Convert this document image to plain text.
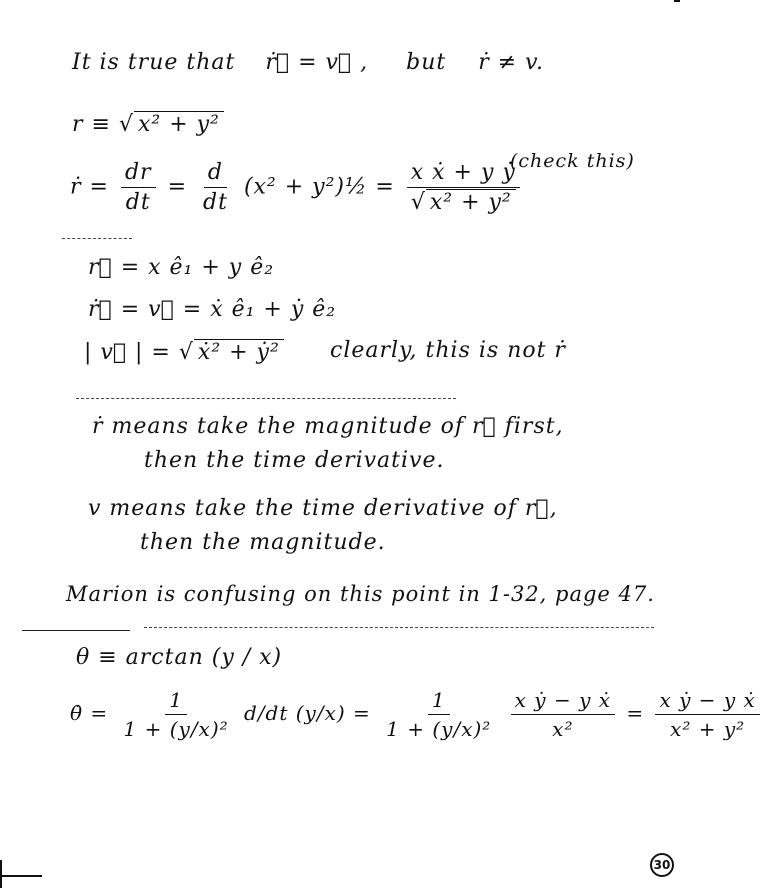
It is true that ṙ⃗ = v⃗ , but ṙ ≠ v.
r ≡ √ x² + y²
ṙ = $\frac{dr}{dt} = \frac{d}{dt} (x^2$ + y²)½ = $\frac{\text{x ẋ + y ẏ}}{\text{√ x² + y²}}$
(check this)
r⃗ = x ê₁ + y ê₂
ṙ⃗ = v⃗ = ẋ ê₁ + ẏ ê₂
| v⃗ | = √ ẋ² + ẏ² clearly, this is not ṙ
ṙ means take the magnitude of r⃗ first,
then the time derivative.
v means take the time derivative of r⃗,
then the magnitude.
Marion is confusing on this point in 1-32, page 47.
θ ≡ arctan (y / x)
θ̇ = $\frac{1}{\text{1 + (y/x)²}} d/dt$ $(y/x) = \frac{1}{\text{1 + (y/x)²}}$
$\frac{\text{x ẏ − y ẋ}}{\text{x²}} = \frac{\text{x ẏ − y ẋ}}{\text{x² + y²}}$
30
